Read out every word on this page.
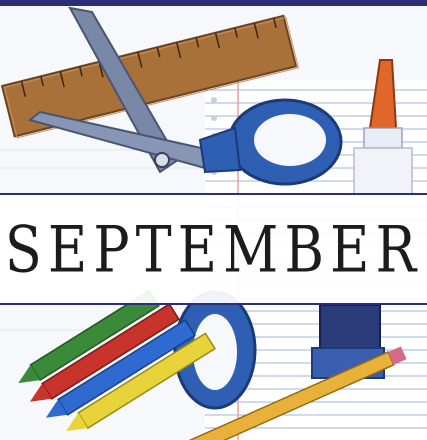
SEPTEMBER
